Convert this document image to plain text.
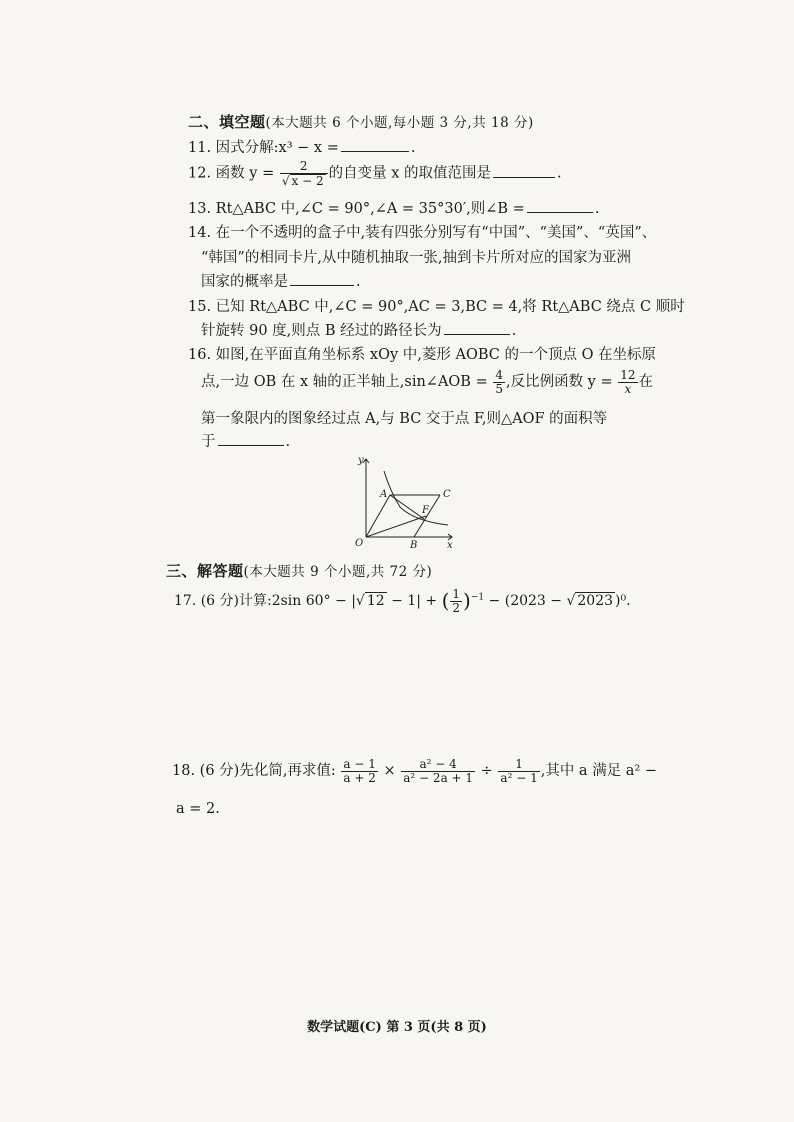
二、填空题(本大题共 6 个小题,每小题 3 分,共 18 分)
11. 因式分解:x³ − x =	.
12. 函数 $y = \frac{2}{√ x - 2}$ 的自变量 x 的取值范围是	.
13. Rt△ABC 中,∠C = 90°,∠A = 35°30′,则∠B =	.
14. 在一个不透明的盒子中,装有四张分别写有“中国”、“美国”、“英国”、
“韩国”的相同卡片,从中随机抽取一张,抽到卡片所对应的国家为亚洲
国家的概率是	.
15. 已知 Rt△ABC 中,∠C = 90°,AC = 3,BC = 4,将 Rt△ABC 绕点 C 顺时
针旋转 90 度,则点 B 经过的路径长为	.
16. 如图,在平面直角坐标系 xOy 中,菱形 AOBC 的一个顶点 O 在坐标原
点,一边 OB 在 x 轴的正半轴上,sin∠AOB = $\frac{4}{5}$ ,反比例函数 $y = \frac{12}{x}$ 在
第一象限内的图象经过点 A,与 BC 交于点 F,则△AOF 的面积等
于	.
y
x
O
A	C
F
B
三、解答题(本大题共 9 个小题,共 72 分)
17. (6 分)计算:2sin 60° − |√ 12 − 1| + ( $\frac{1}{2} )^{-1} - (2023$ − √ 2023 )⁰.
18. (6 分)先化简,再求值: $\frac{a - 1}{a + 2} \times \frac{\text{a² − 4}}{\text{a² − 2a + 1}} \div \frac{1}{\text{a² − 1}}$ ,其中 a 满足 a² −
a = 2.
数学试题(C) 第 3 页(共 8 页)
